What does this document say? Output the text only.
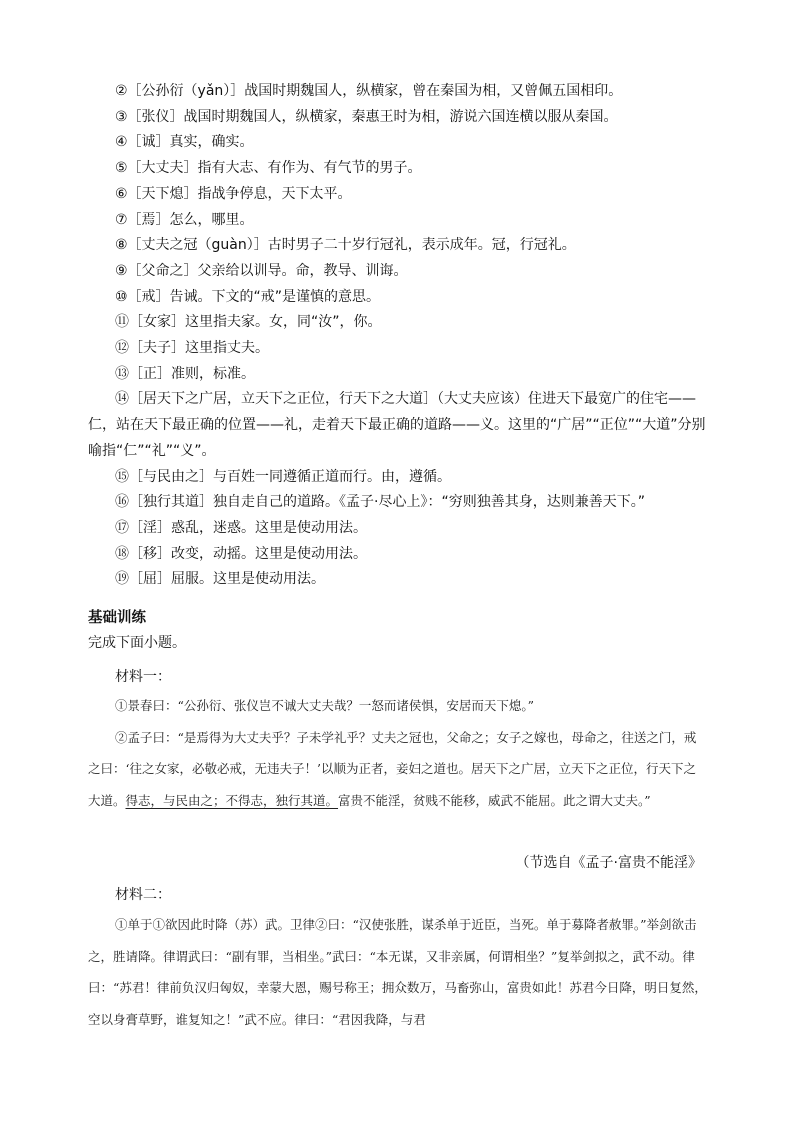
②［公孙衍（yǎn）］战国时期魏国人，纵横家，曾在秦国为相，又曾佩五国相印。
③［张仪］战国时期魏国人，纵横家，秦惠王时为相，游说六国连横以服从秦国。
④［诚］真实，确实。
⑤［大丈夫］指有大志、有作为、有气节的男子。
⑥［天下熄］指战争停息，天下太平。
⑦［焉］怎么，哪里。
⑧［丈夫之冠（guàn）］古时男子二十岁行冠礼，表示成年。冠，行冠礼。
⑨［父命之］父亲给以训导。命，教导、训诲。
⑩［戒］告诫。下文的“戒”是谨慎的意思。
⑪［女家］这里指夫家。女，同“汝”，你。
⑫［夫子］这里指丈夫。
⑬［正］准则，标准。
⑭［居天下之广居，立天下之正位，行天下之大道］（大丈夫应该）住进天下最宽广的住宅——仁，站在天下最正确的位置——礼，走着天下最正确的道路——义。这里的“广居”“正位”“大道”分别喻指“仁”“礼”“义”。
⑮［与民由之］与百姓一同遵循正道而行。由，遵循。
⑯［独行其道］独自走自己的道路。《孟子·尽心上》：“穷则独善其身，达则兼善天下。”
⑰［淫］惑乱，迷惑。这里是使动用法。
⑱［移］改变，动摇。这里是使动用法。
⑲［屈］屈服。这里是使动用法。
基础训练
完成下面小题。
材料一：

①景春曰：“公孙衍、张仪岂不诚大丈夫哉？一怒而诸侯惧，安居而天下熄。”

②孟子曰：“是焉得为大丈夫乎？子未学礼乎？丈夫之冠也，父命之；女子之嫁也，母命之，往送之门，戒之曰：‘往之女家，必敬必戒，无违夫子！’以顺为正者，妾妇之道也。居天下之广居，立天下之正位，行天下之大道。得志，与民由之；不得志，独行其道。富贵不能淫，贫贱不能移，威武不能屈。此之谓大丈夫。”

（节选自《孟子·富贵不能淫》
材料二：

①单于①欲因此时降（苏）武。卫律②曰：“汉使张胜，谋杀单于近臣，当死。单于募降者赦罪。”举剑欲击之，胜请降。律谓武曰：“副有罪，当相坐。”武曰：“本无谋，又非亲属，何谓相坐？”复举剑拟之，武不动。律曰：“苏君！律前负汉归匈奴，幸蒙大恩，赐号称王；拥众数万，马畜弥山，富贵如此！苏君今日降，明日复然，空以身膏草野，谁复知之！”武不应。律曰：“君因我降，与君
